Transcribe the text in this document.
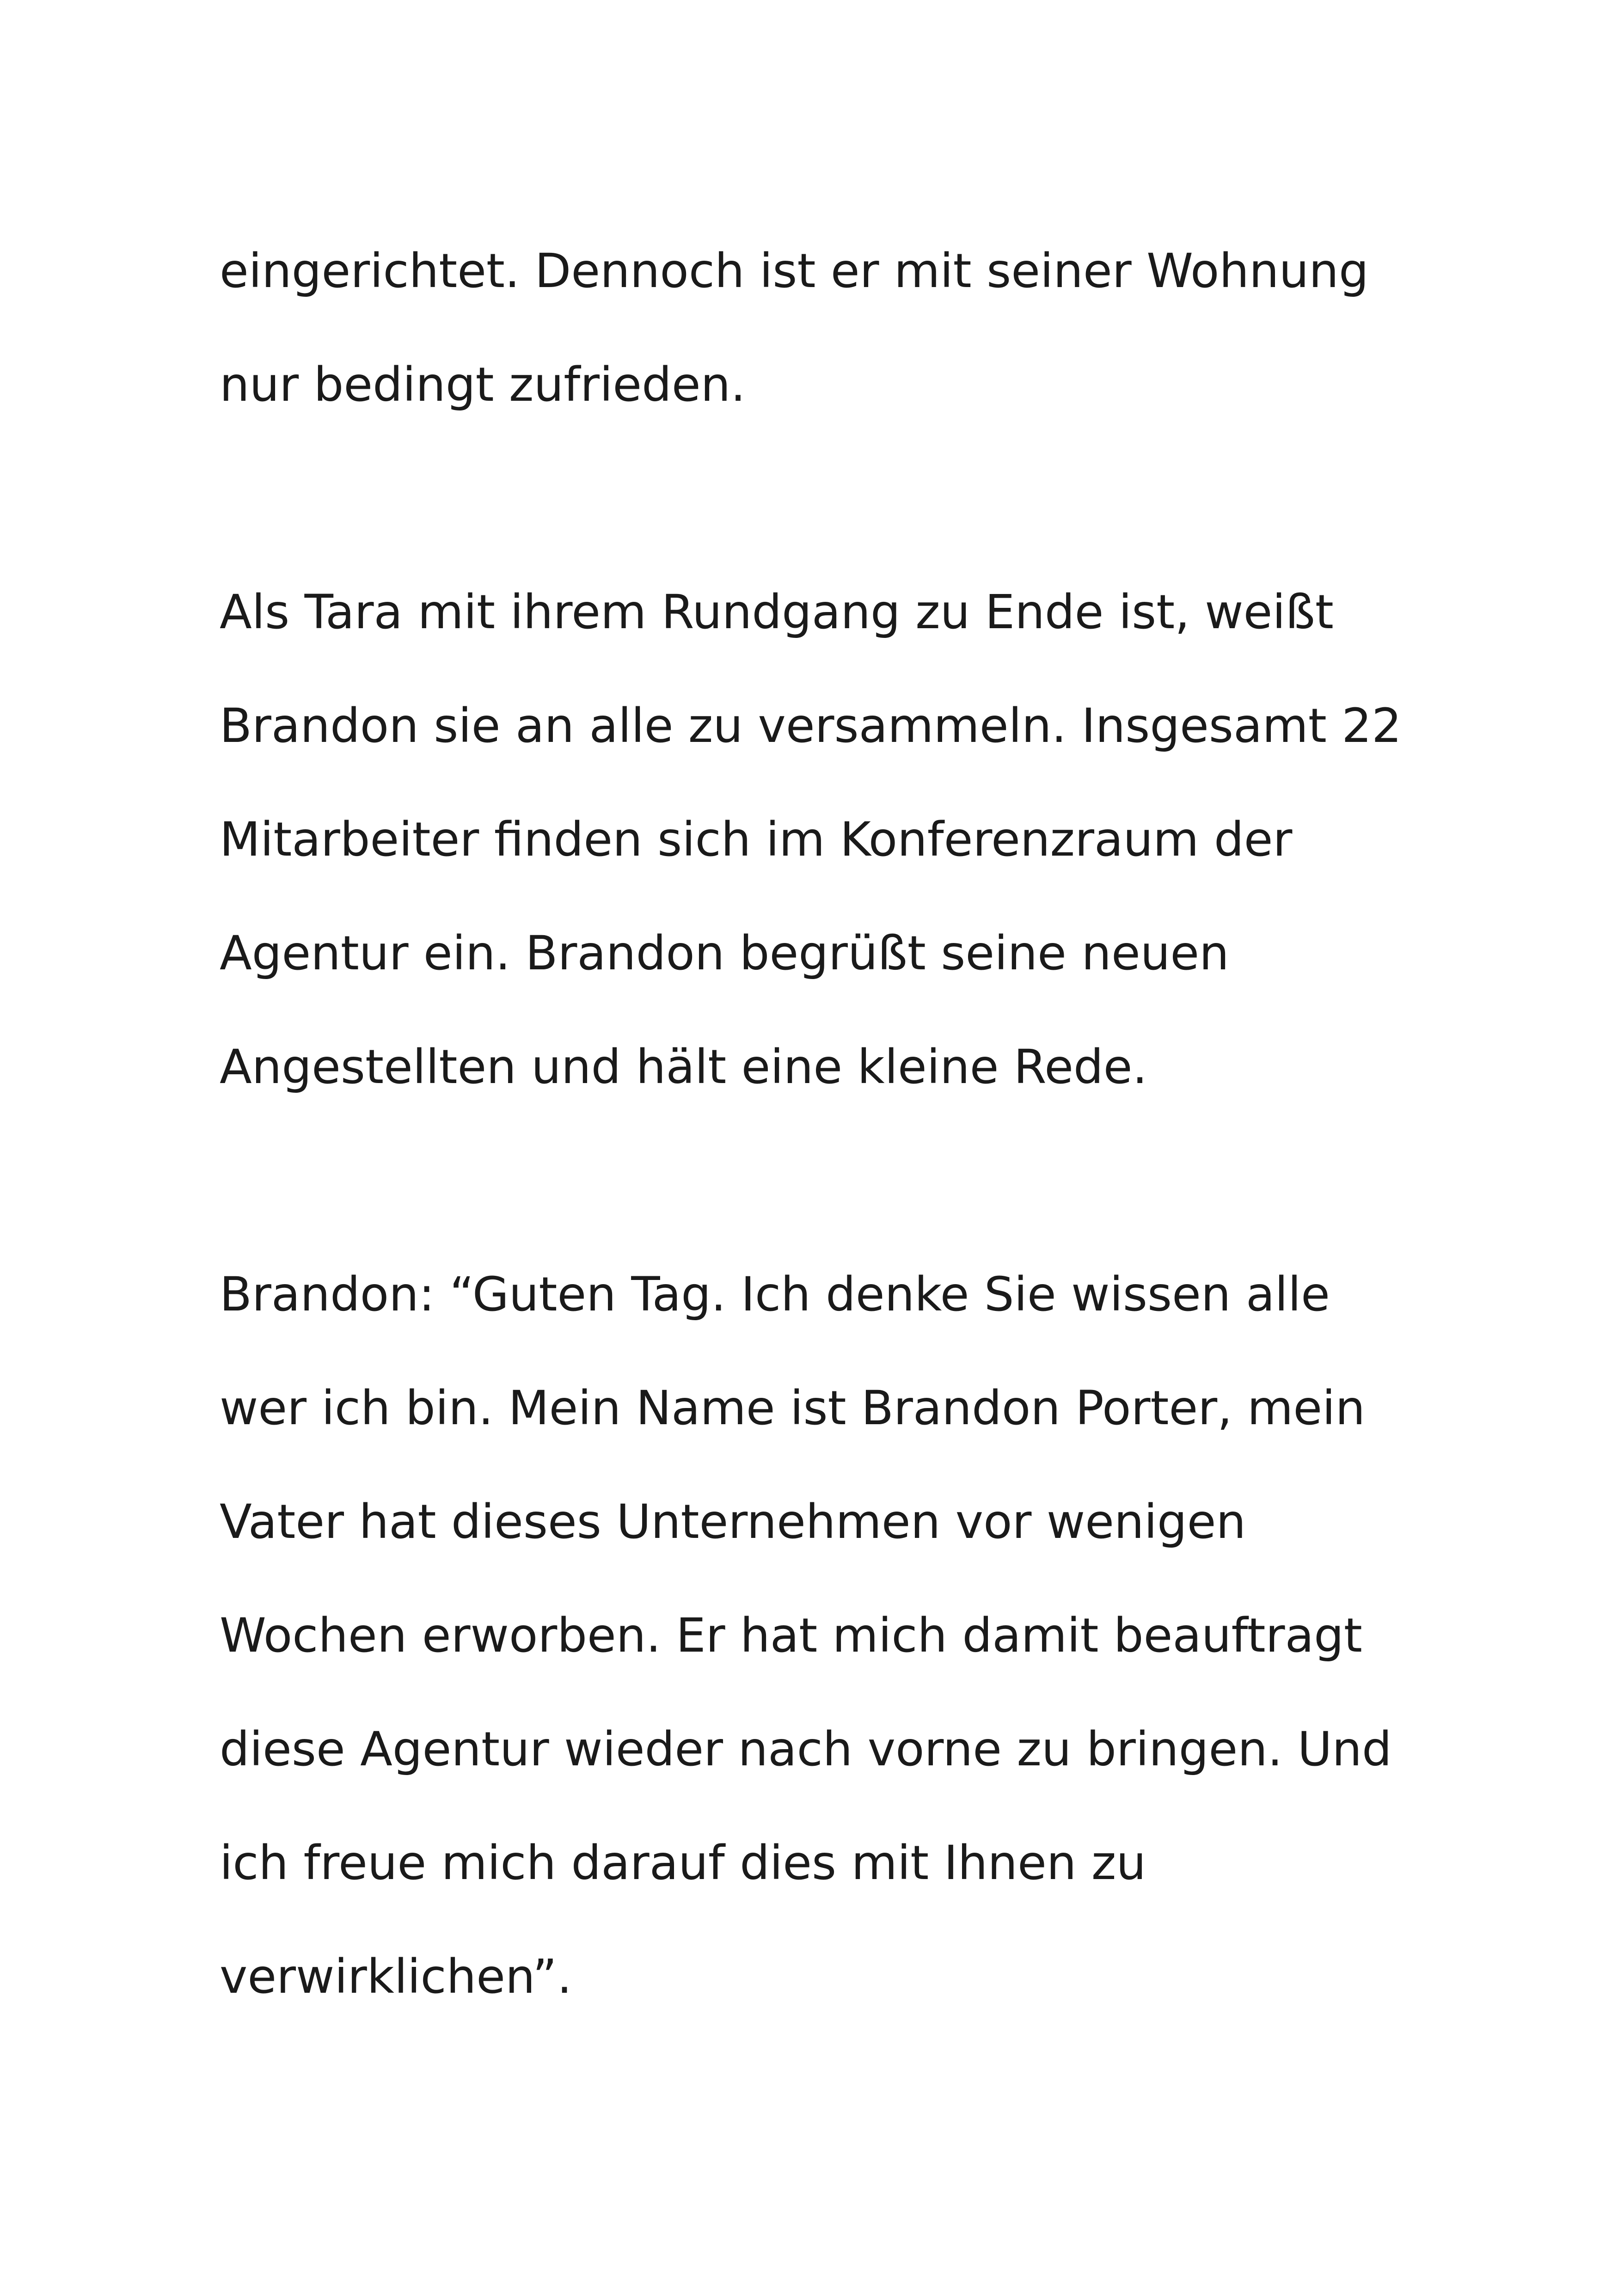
eingerichtet. Dennoch ist er mit seiner Wohnung
nur bedingt zufrieden.
Als Tara mit ihrem Rundgang zu Ende ist, weißt
Brandon sie an alle zu versammeln. Insgesamt 22
Mitarbeiter finden sich im Konferenzraum der
Agentur ein. Brandon begrüßt seine neuen
Angestellten und hält eine kleine Rede.
Brandon: “Guten Tag. Ich denke Sie wissen alle
wer ich bin. Mein Name ist Brandon Porter, mein
Vater hat dieses Unternehmen vor wenigen
Wochen erworben. Er hat mich damit beauftragt
diese Agentur wieder nach vorne zu bringen. Und
ich freue mich darauf dies mit Ihnen zu
verwirklichen”.
